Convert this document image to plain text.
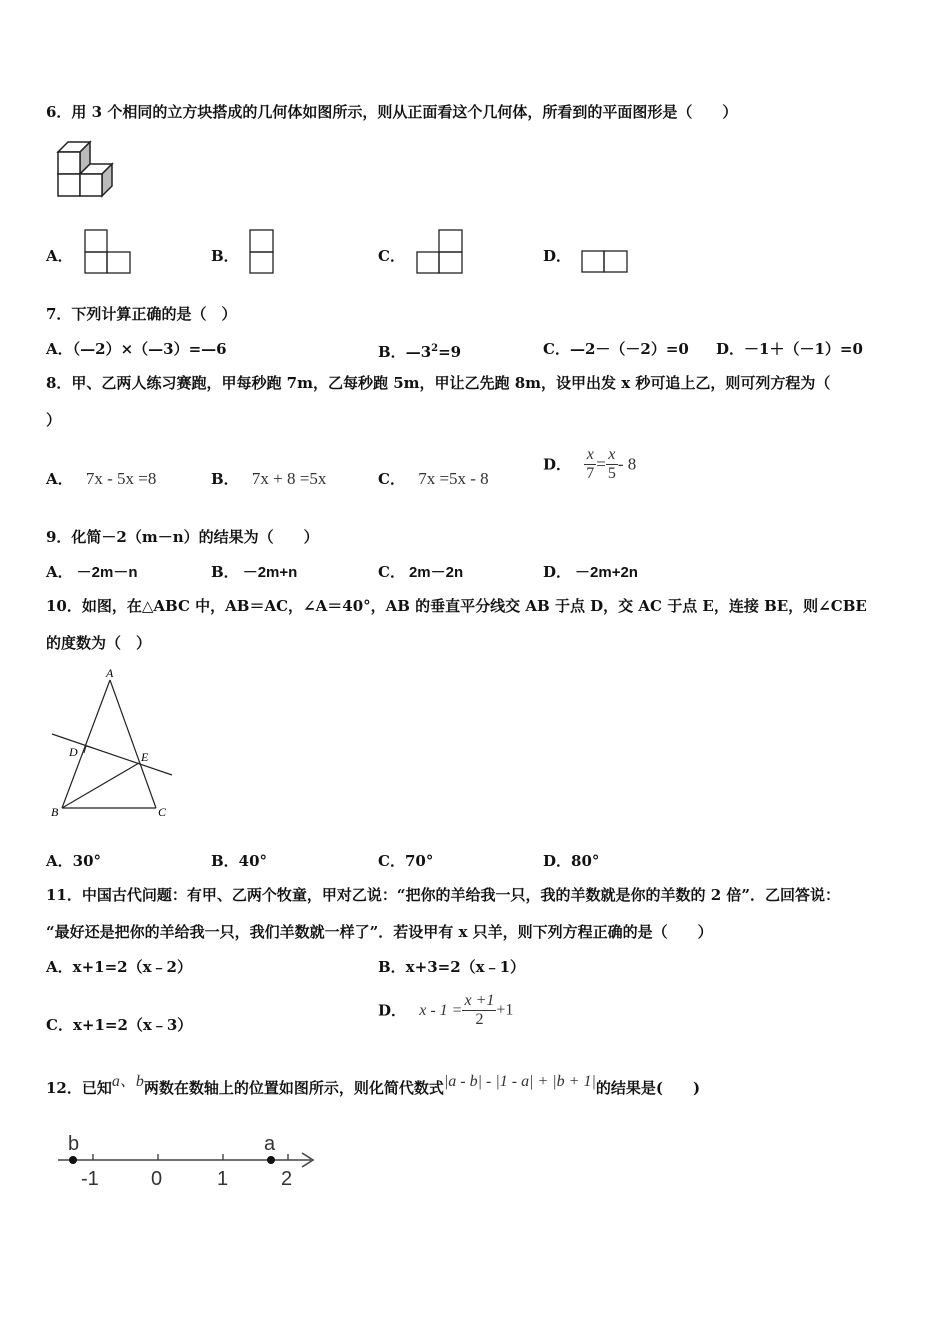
6．用 3 个相同的立方块搭成的几何体如图所示，则从正面看这个几何体，所看到的平面图形是（　　）
A．	B．	C．	D．
7．下列计算正确的是（　）
A．（—2）×（—3）=—6	B．$—3^2=9$	C．—2－（－2）=0 D．－1＋（－1）=0
8．甲、乙两人练习赛跑，甲每秒跑 7m，乙每秒跑 5m，甲让乙先跑 8m，设甲出发 x 秒可追上乙，则可列方程为（
）
A． 7x - 5x =8	B． 7x + 8 =5x	C． 7x =5x - 8
D． $\frac{x}{7} = \frac{x}{5} - 8$
9．化简－2（m－n）的结果为（　　）
A． －2m－n	B． －2m+n	C． 2m－2n	D． －2m+2n
10．如图，在△ABC 中，AB＝AC，∠A＝40°，AB 的垂直平分线交 AB 于点 D，交 AC 于点 E，连接 BE，则∠CBE
的度数为（　）
A
D	E
B	C
A．30°	B．40°	C．70°	D．80°
11．中国古代问题：有甲、乙两个牧童，甲对乙说：“把你的羊给我一只，我的羊数就是你的羊数的 2 倍”．乙回答说：
“最好还是把你的羊给我一只，我们羊数就一样了”．若设甲有 x 只羊，则下列方程正确的是（　　）
A．x+1=2（x﹣2）	B．x+3=2（x﹣1）
C．x+1=2（x﹣3）
D． $x - 1 = \frac{x +1}{2} +1$
12．已知a、b两数在数轴上的位置如图所示，则化简代数式|a - b| - |1 - a| + |b + 1|的结果是(　　)
b	a
-1	0	1	2
